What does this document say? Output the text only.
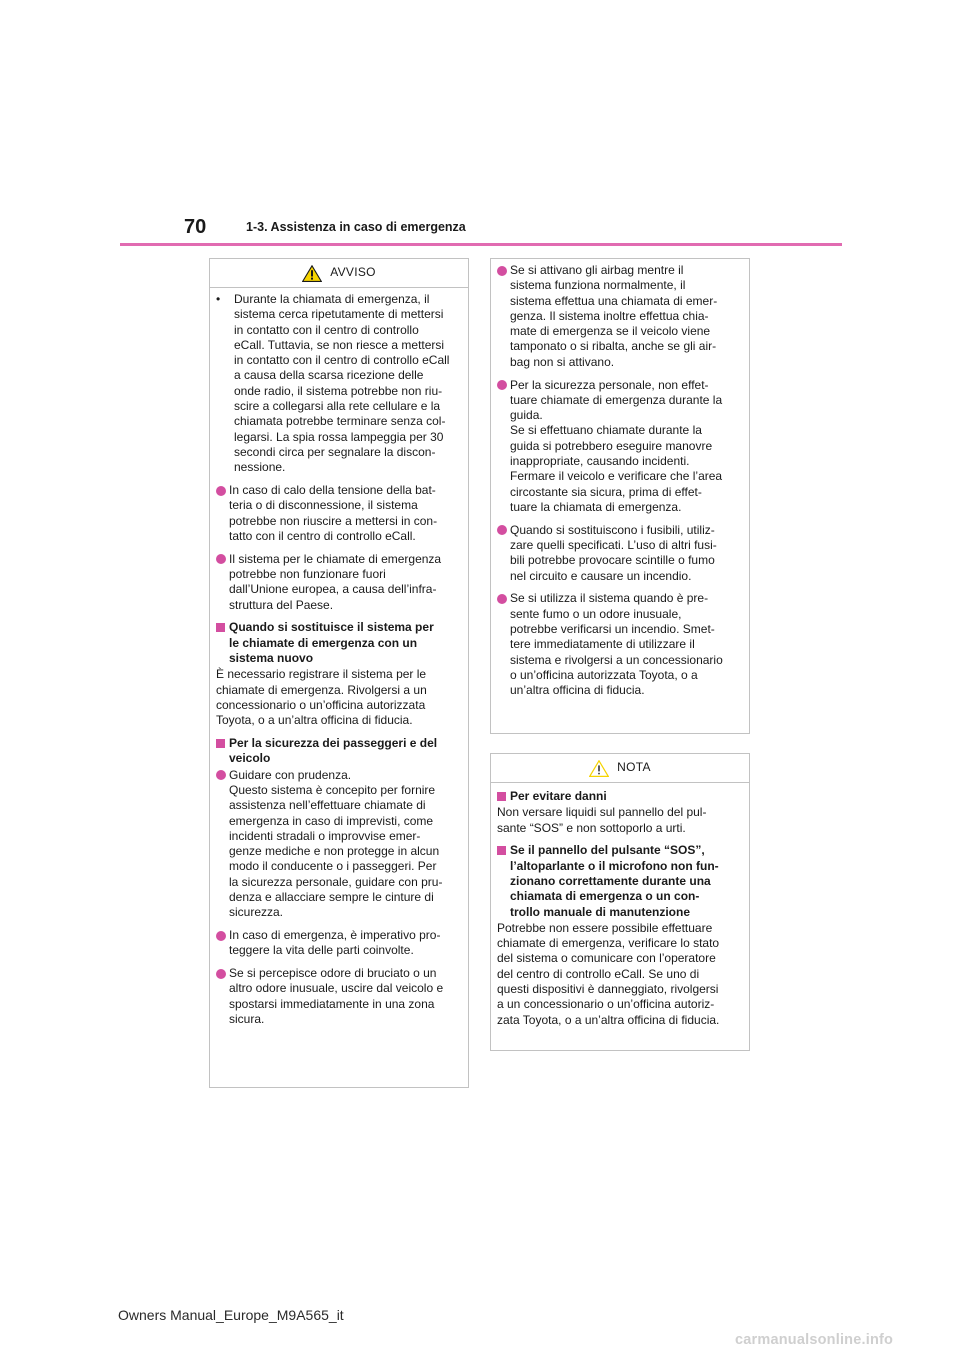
70	1-3. Assistenza in caso di emergenza
AVVISO
• Durante la chiamata di emergenza, il
sistema cerca ripetutamente di mettersi
in contatto con il centro di controllo
eCall. Tuttavia, se non riesce a mettersi
in contatto con il centro di controllo eCall
a causa della scarsa ricezione delle
onde radio, il sistema potrebbe non riu-
scire a collegarsi alla rete cellulare e la
chiamata potrebbe terminare senza col-
legarsi. La spia rossa lampeggia per 30
secondi circa per segnalare la discon-
nessione.
In caso di calo della tensione della bat-
teria o di disconnessione, il sistema
potrebbe non riuscire a mettersi in con-
tatto con il centro di controllo eCall.
Il sistema per le chiamate di emergenza
potrebbe non funzionare fuori
dall’Unione europea, a causa dell’infra-
struttura del Paese.
Quando si sostituisce il sistema per
le chiamate di emergenza con un
sistema nuovo
È necessario registrare il sistema per le
chiamate di emergenza. Rivolgersi a un
concessionario o un’officina autorizzata
Toyota, o a un’altra officina di fiducia.
Per la sicurezza dei passeggeri e del
veicolo
Guidare con prudenza.
Questo sistema è concepito per fornire
assistenza nell’effettuare chiamate di
emergenza in caso di imprevisti, come
incidenti stradali o improvvise emer-
genze mediche e non protegge in alcun
modo il conducente o i passeggeri. Per
la sicurezza personale, guidare con pru-
denza e allacciare sempre le cinture di
sicurezza.
In caso di emergenza, è imperativo pro-
teggere la vita delle parti coinvolte.
Se si percepisce odore di bruciato o un
altro odore inusuale, uscire dal veicolo e
spostarsi immediatamente in una zona
sicura.
Se si attivano gli airbag mentre il
sistema funziona normalmente, il
sistema effettua una chiamata di emer-
genza. Il sistema inoltre effettua chia-
mate di emergenza se il veicolo viene
tamponato o si ribalta, anche se gli air-
bag non si attivano.
Per la sicurezza personale, non effet-
tuare chiamate di emergenza durante la
guida.
Se si effettuano chiamate durante la
guida si potrebbero eseguire manovre
inappropriate, causando incidenti.
Fermare il veicolo e verificare che l’area
circostante sia sicura, prima di effet-
tuare la chiamata di emergenza.
Quando si sostituiscono i fusibili, utiliz-
zare quelli specificati. L’uso di altri fusi-
bili potrebbe provocare scintille o fumo
nel circuito e causare un incendio.
Se si utilizza il sistema quando è pre-
sente fumo o un odore inusuale,
potrebbe verificarsi un incendio. Smet-
tere immediatamente di utilizzare il
sistema e rivolgersi a un concessionario
o un’officina autorizzata Toyota, o a
un’altra officina di fiducia.
NOTA
Per evitare danni
Non versare liquidi sul pannello del pul-
sante “SOS” e non sottoporlo a urti.
Se il pannello del pulsante “SOS”,
l’altoparlante o il microfono non fun-
zionano correttamente durante una
chiamata di emergenza o un con-
trollo manuale di manutenzione
Potrebbe non essere possibile effettuare
chiamate di emergenza, verificare lo stato
del sistema o comunicare con l’operatore
del centro di controllo eCall. Se uno di
questi dispositivi è danneggiato, rivolgersi
a un concessionario o un’officina autoriz-
zata Toyota, o a un’altra officina di fiducia.
Owners Manual_Europe_M9A565_it
carmanualsonline.info
